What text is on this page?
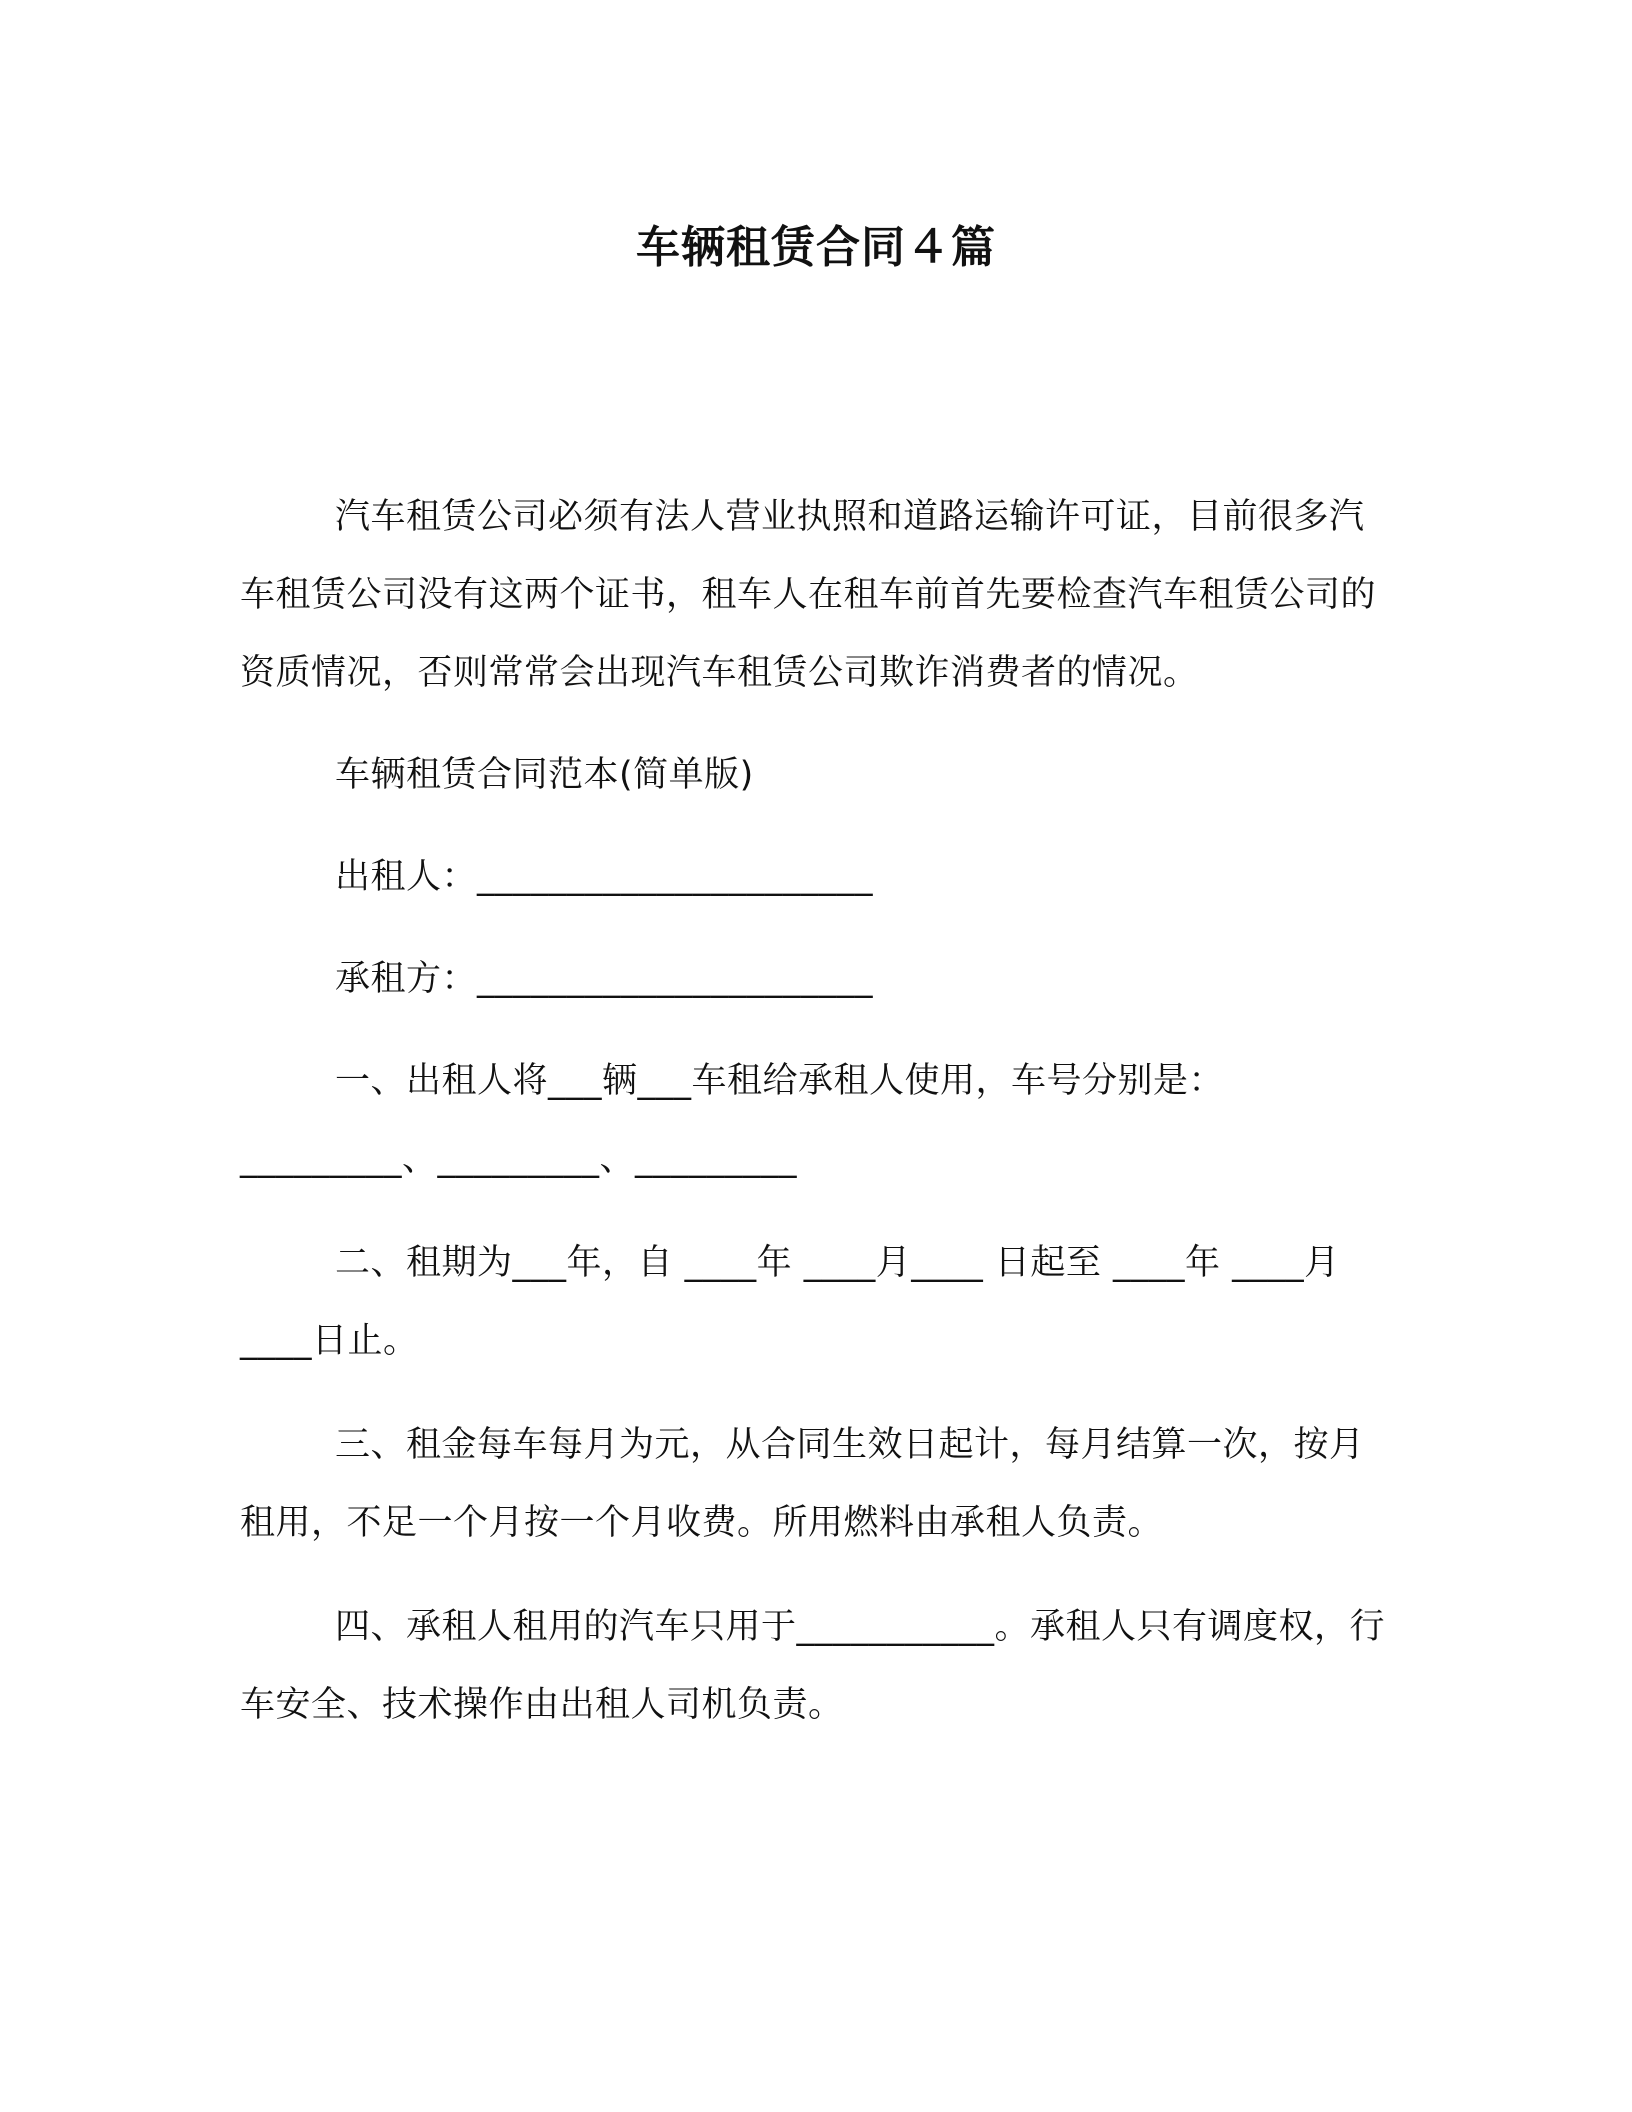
车辆租赁合同４篇

汽车租赁公司必须有法人营业执照和道路运输许可证，目前很多汽车租赁公司没有这两个证书，租车人在租车前首先要检查汽车租赁公司的资质情况，否则常常会出现汽车租赁公司欺诈消费者的情况。

车辆租赁合同范本(简单版)

出租人：______________________

承租方：______________________

一、出租人将___辆___车租给承租人使用，车号分别是：_________、_________、_________

二、租期为___年，自 ____年 ____月____ 日起至 ____年 ____月 ____日止。

三、租金每车每月为元，从合同生效日起计，每月结算一次，按月租用，不足一个月按一个月收费。所用燃料由承租人负责。

四、承租人租用的汽车只用于___________。承租人只有调度权，行车安全、技术操作由出租人司机负责。
